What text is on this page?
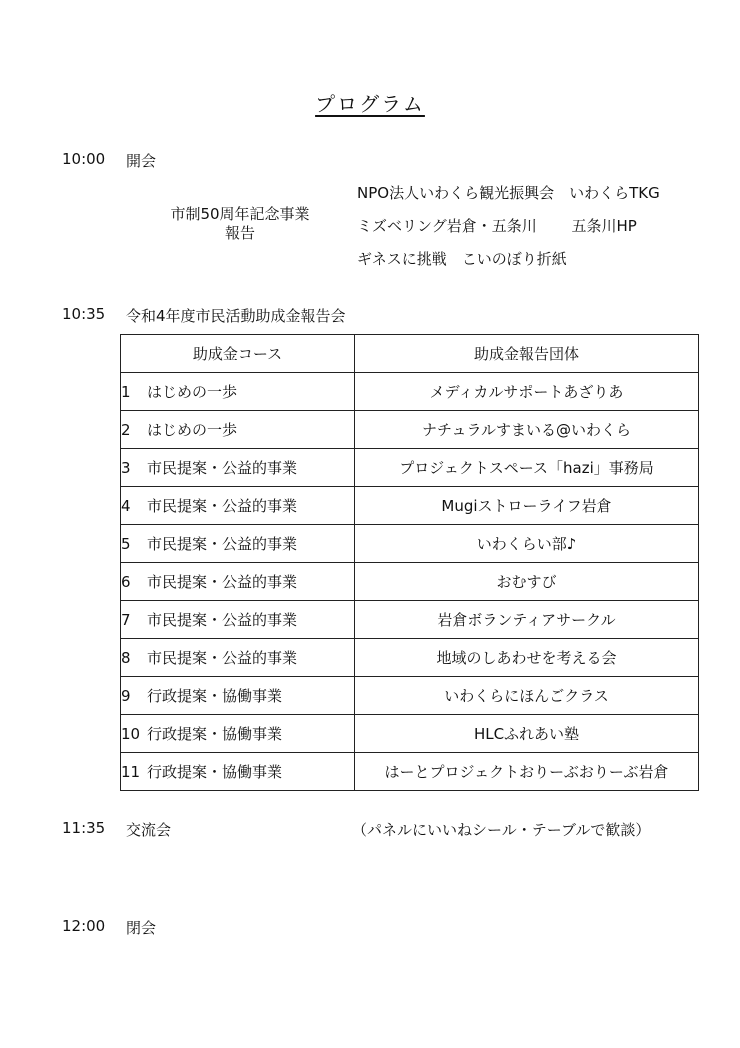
プログラム
10:00 開会
市制50周年記念事業
報告
NPO法人いわくら観光振興会　いわくらTKG
ミズベリング岩倉・五条川　　 五条川HP
ギネスに挑戦　こいのぼり折紙
10:35 令和4年度市民活動助成金報告会
助成金コース	助成金報告団体
1 はじめの一歩	メディカルサポートあざりあ
2 はじめの一歩	ナチュラルすまいる@いわくら
3 市民提案・公益的事業	プロジェクトスペース「hazi」事務局
4 市民提案・公益的事業	Mugiストローライフ岩倉
5 市民提案・公益的事業	いわくらい部♪
6 市民提案・公益的事業	おむすび
7 市民提案・公益的事業	岩倉ボランティアサークル
8 市民提案・公益的事業	地域のしあわせを考える会
9 行政提案・協働事業	いわくらにほんごクラス
10 行政提案・協働事業	HLCふれあい塾
11 行政提案・協働事業	はーとプロジェクトおりーぶおりーぶ岩倉
11:35 交流会	（パネルにいいねシール・テーブルで歓談）
12:00 閉会
